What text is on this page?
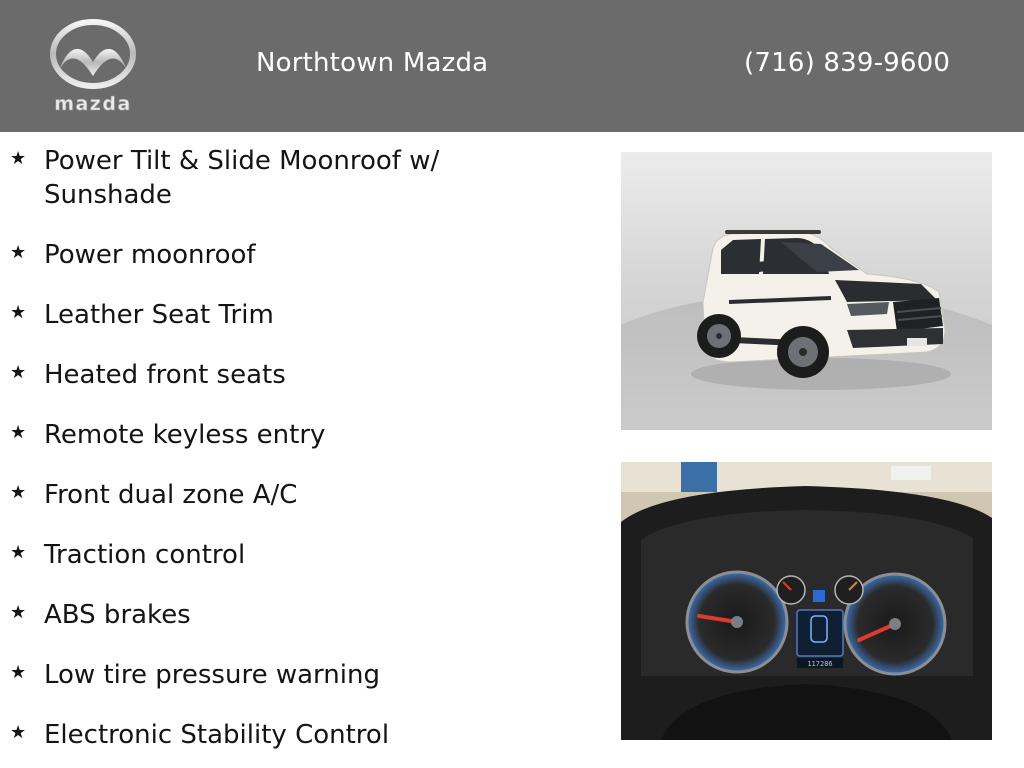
mazda
Northtown Mazda	(716) 839-9600
★ Power Tilt & Slide Moonroof w/ Sunshade
★ Power moonroof
★ Leather Seat Trim
★ Heated front seats
★ Remote keyless entry
★ Front dual zone A/C
★ Traction control
★ ABS brakes
★ Low tire pressure warning
★ Electronic Stability Control
117286
